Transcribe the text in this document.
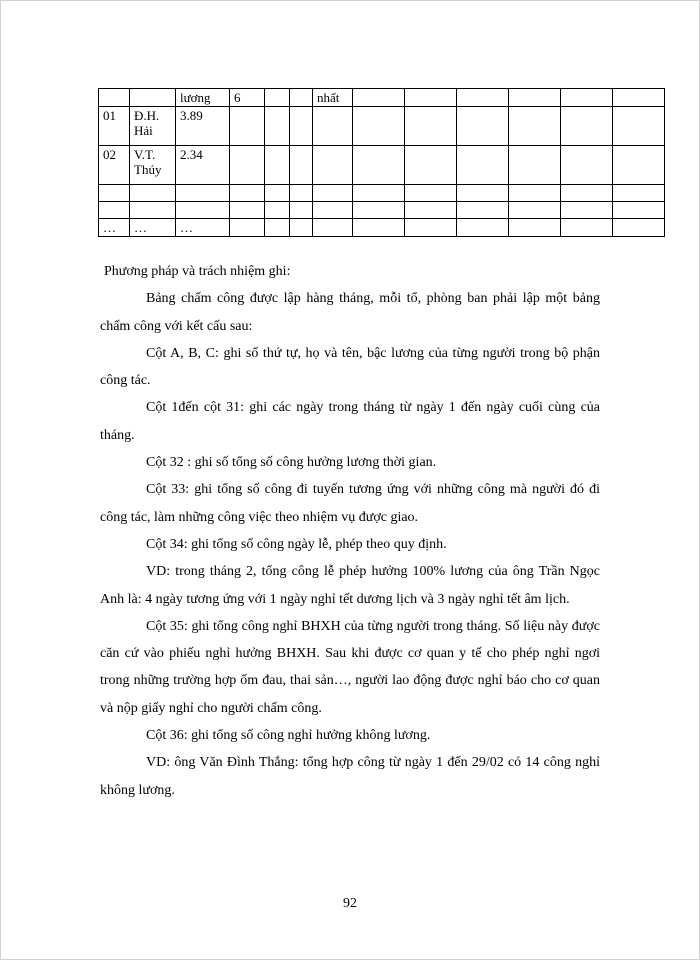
		lương	6			nhất						
01	Đ.H. Hải	3.89										
02	V.T. Thúy	2.34										

…	…	…										

Phương pháp và trách nhiệm ghi:

Bảng chấm công được lập hàng tháng, mỗi tổ, phòng ban phải lập một bảng chấm công với kết cấu sau:

Cột A, B, C: ghi số thứ tự, họ và tên, bậc lương của từng người trong bộ phận công tác.

Cột 1đến cột 31: ghi các ngày trong tháng từ ngày 1 đến ngày cuối cùng của tháng.

Cột 32 : ghi số tổng số công hưởng lương thời gian.

Cột 33: ghi tổng số công đi tuyến tương ứng với những công mà người đó đi công tác, làm những công việc theo nhiệm vụ được giao.

Cột 34: ghi tổng số công ngày lễ, phép theo quy định.

VD: trong tháng 2, tổng công lễ phép hưởng 100% lương của ông Trần Ngọc Anh là: 4 ngày tương ứng với 1 ngày nghỉ tết dương lịch và 3 ngày nghỉ tết âm lịch.

Cột 35: ghi tổng công nghỉ BHXH của từng người trong tháng. Số liệu này được căn cứ vào phiếu nghỉ hưởng BHXH. Sau khi được cơ quan y tế cho phép nghỉ ngơi trong những trường hợp ốm đau, thai sản…, người lao động được nghỉ báo cho cơ quan và nộp giấy nghỉ cho người chấm công.

Cột 36: ghi tổng số công nghỉ hưởng không lương.

VD: ông Văn Đình Thắng: tổng hợp công từ ngày 1 đến 29/02 có 14 công nghỉ không lương.

92
